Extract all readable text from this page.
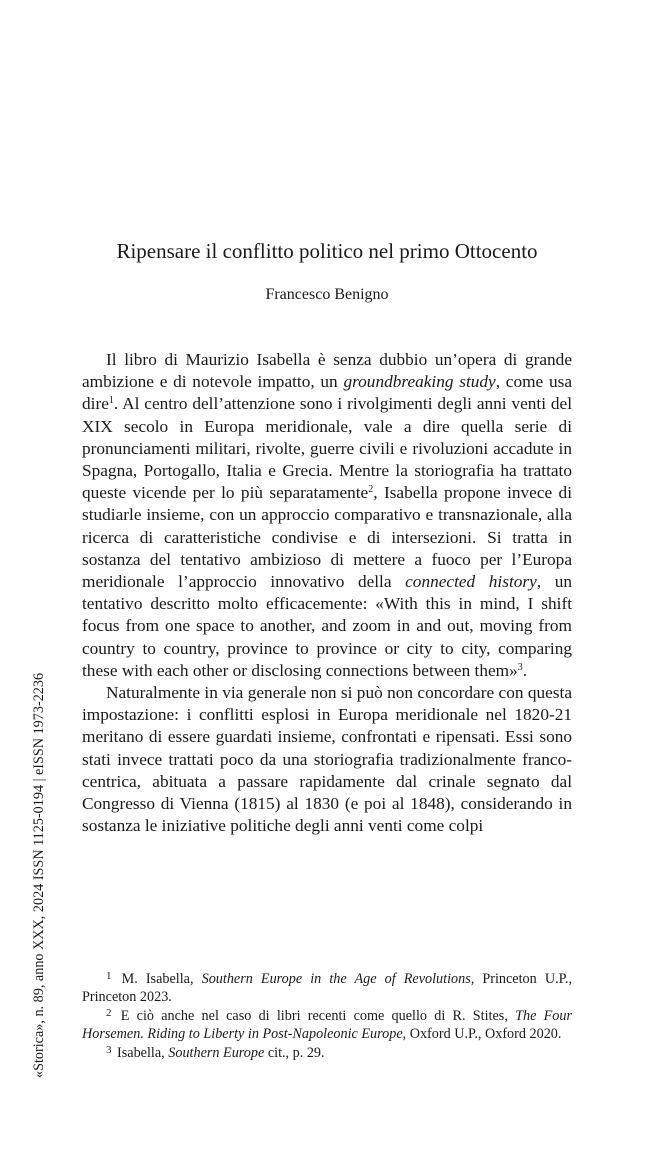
Ripensare il conflitto politico nel primo Ottocento
Francesco Benigno

Il libro di Maurizio Isabella è senza dubbio un’opera di grande ambizione e di notevole impatto, un groundbreaking study, come usa dire$^1$. Al centro dell’attenzione sono i rivolgimenti degli anni venti del XIX secolo in Europa meridionale, vale a dire quella serie di pronunciamenti militari, rivolte, guerre civili e rivoluzioni accadute in Spagna, Portogallo, Italia e Grecia. Mentre la storiografia ha trattato queste vicende per lo più separatamente$^2$, Isabella propone invece di studiarle insieme, con un approccio comparativo e transnazionale, alla ricerca di caratteristiche condivise e di intersezioni. Si tratta in sostanza del tentativo ambizioso di mettere a fuoco per l’Europa meridionale l’approccio innovativo della connected history, un tentativo descritto molto efficacemente: «With this in mind, I shift focus from one space to another, and zoom in and out, moving from country to country, province to province or city to city, comparing these with each other or disclosing connections between them»$^3$.

Naturalmente in via generale non si può non concordare con questa impostazione: i conflitti esplosi in Europa meridionale nel 1820-21 meritano di essere guardati insieme, confrontati e ripensati. Essi sono stati invece trattati poco da una storiografia tradizionalmente franco-centrica, abituata a passare rapidamente dal crinale segnato dal Congresso di Vienna (1815) al 1830 (e poi al 1848), considerando in sostanza le iniziative politiche degli anni venti come colpi

$^1$ M. Isabella, Southern Europe in the Age of Revolutions, Princeton U.P., Princeton 2023.

$^2$ E ciò anche nel caso di libri recenti come quello di R. Stites, The Four Horsemen. Riding to Liberty in Post-Napoleonic Europe, Oxford U.P., Oxford 2020.

$^3$ Isabella, Southern Europe cit., p. 29.

«Storica», n. 89, anno XXX, 2024 ISSN 1125-0194 | eISSN 1973-2236
